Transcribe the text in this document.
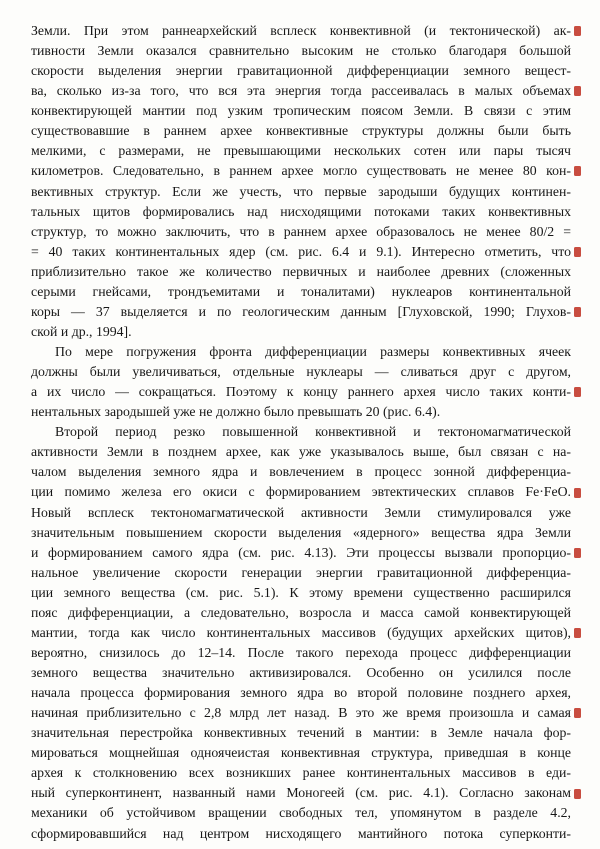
Земли. При этом раннеархейский всплеск конвективной (и тектонической) ак-
тивности Земли оказался сравнительно высоким не столько благодаря большой
скорости выделения энергии гравитационной дифференциации земного вещест-
ва, сколько из-за того, что вся эта энергия тогда рассеивалась в малых объемах
конвектирующей мантии под узким тропическим поясом Земли. В связи с этим
существовавшие в раннем архее конвективные структуры должны были быть
мелкими, с размерами, не превышающими нескольких сотен или пары тысяч
километров. Следовательно, в раннем архее могло существовать не менее 80 кон-
вективных структур. Если же учесть, что первые зародыши будущих континен-
тальных щитов формировались над нисходящими потоками таких конвективных
структур, то можно заключить, что в раннем архее образовалось не менее 80/2 =
= 40 таких континентальных ядер (см. рис. 6.4 и 9.1). Интересно отметить, что
приблизительно такое же количество первичных и наиболее древних (сложенных
серыми гнейсами, трондъемитами и тоналитами) нуклеаров континентальной
коры — 37 выделяется и по геологическим данным [Глуховской, 1990; Глухов-
ской и др., 1994].
По мере погружения фронта дифференциации размеры конвективных ячеек
должны были увеличиваться, отдельные нуклеары — сливаться друг с другом,
а их число — сокращаться. Поэтому к концу раннего архея число таких конти-
нентальных зародышей уже не должно было превышать 20 (рис. 6.4).
Второй период резко повышенной конвективной и тектономагматической
активности Земли в позднем архее, как уже указывалось выше, был связан с на-
чалом выделения земного ядра и вовлечением в процесс зонной дифференциа-
ции помимо железа его окиси с формированием эвтектических сплавов Fe·FeO.
Новый всплеск тектономагматической активности Земли стимулировался уже
значительным повышением скорости выделения «ядерного» вещества ядра Земли
и формированием самого ядра (см. рис. 4.13). Эти процессы вызвали пропорцио-
нальное увеличение скорости генерации энергии гравитационной дифференциа-
ции земного вещества (см. рис. 5.1). К этому времени существенно расширился
пояс дифференциации, а следовательно, возросла и масса самой конвектирующей
мантии, тогда как число континентальных массивов (будущих архейских щитов),
вероятно, снизилось до 12–14. После такого перехода процесс дифференциации
земного вещества значительно активизировался. Особенно он усилился после
начала процесса формирования земного ядра во второй половине позднего архея,
начиная приблизительно с 2,8 млрд лет назад. В это же время произошла и самая
значительная перестройка конвективных течений в мантии: в Земле начала фор-
мироваться мощнейшая одноячеистая конвективная структура, приведшая в конце
архея к столкновению всех возникших ранее континентальных массивов в еди-
ный суперконтинент, названный нами Моногеей (см. рис. 4.1). Согласно законам
механики об устойчивом вращении свободных тел, упомянутом в разделе 4.2,
сформировавшийся над центром нисходящего мантийного потока суперконти-
